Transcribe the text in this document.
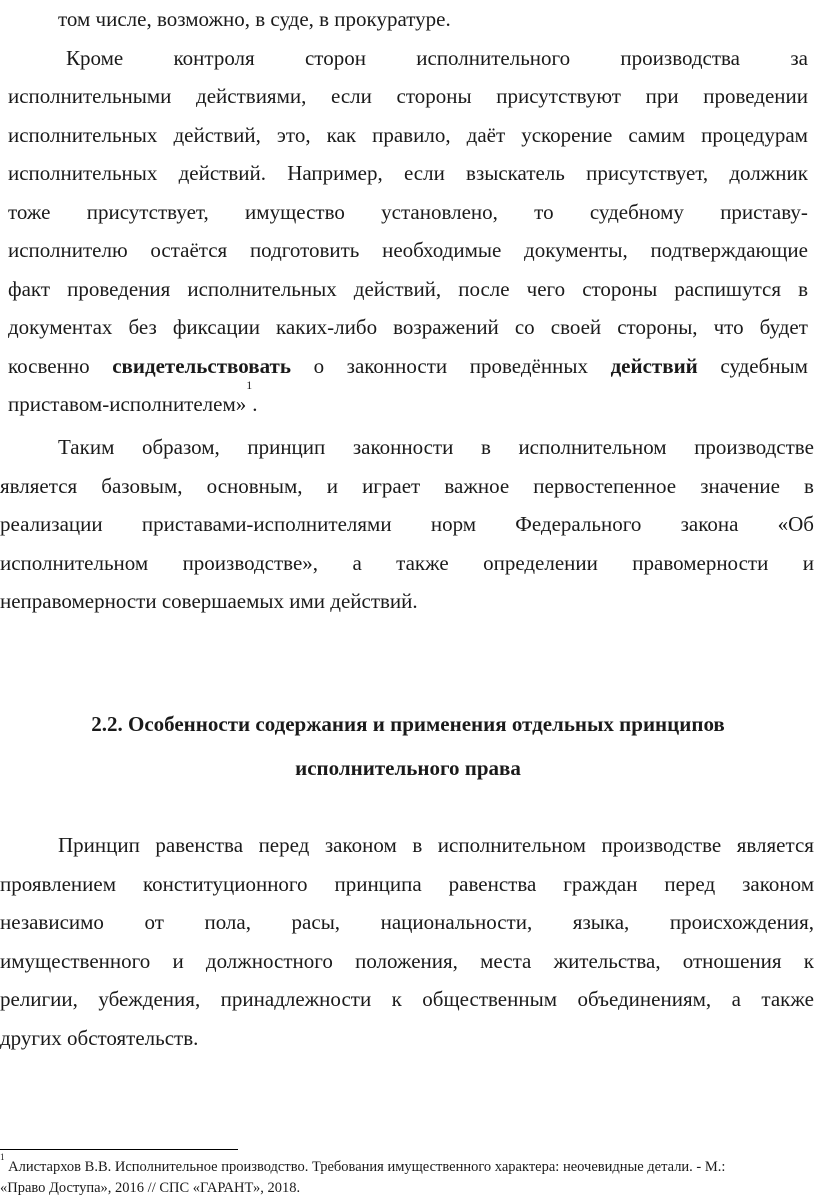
том числе, возможно, в суде, в прокуратуре.
Кроме контроля сторон исполнительного производства за
исполнительными действиями, если стороны присутствуют при проведении
исполнительных действий, это, как правило, даёт ускорение самим процедурам
исполнительных действий. Например, если взыскатель присутствует, должник
тоже присутствует, имущество установлено, то судебному приставу-
исполнителю остаётся подготовить необходимые документы, подтверждающие
факт проведения исполнительных действий, после чего стороны распишутся в
документах без фиксации каких-либо возражений со своей стороны, что будет
косвенно свидетельствовать о законности проведённых действий судебным
приставом-исполнителем»
1
.
Таким образом, принцип законности в исполнительном производстве
является базовым, основным, и играет важное первостепенное значение в
реализации приставами-исполнителями норм Федерального закона «Об
исполнительном производстве», а также определении правомерности и
неправомерности совершаемых ими действий.
2.2. Особенности содержания и применения отдельных принципов
исполнительного права
Принцип равенства перед законом в исполнительном производстве является
проявлением конституционного принципа равенства граждан перед законом
независимо от пола, расы, национальности, языка, происхождения,
имущественного и должностного положения, места жительства, отношения к
религии, убеждения, принадлежности к общественным объединениям, а также
других обстоятельств.
1

Алистархов В.В. Исполнительное производство. Требования имущественного характера: неочевидные детали. - М.:
«Право Доступа», 2016 // СПС «ГАРАНТ», 2018.
